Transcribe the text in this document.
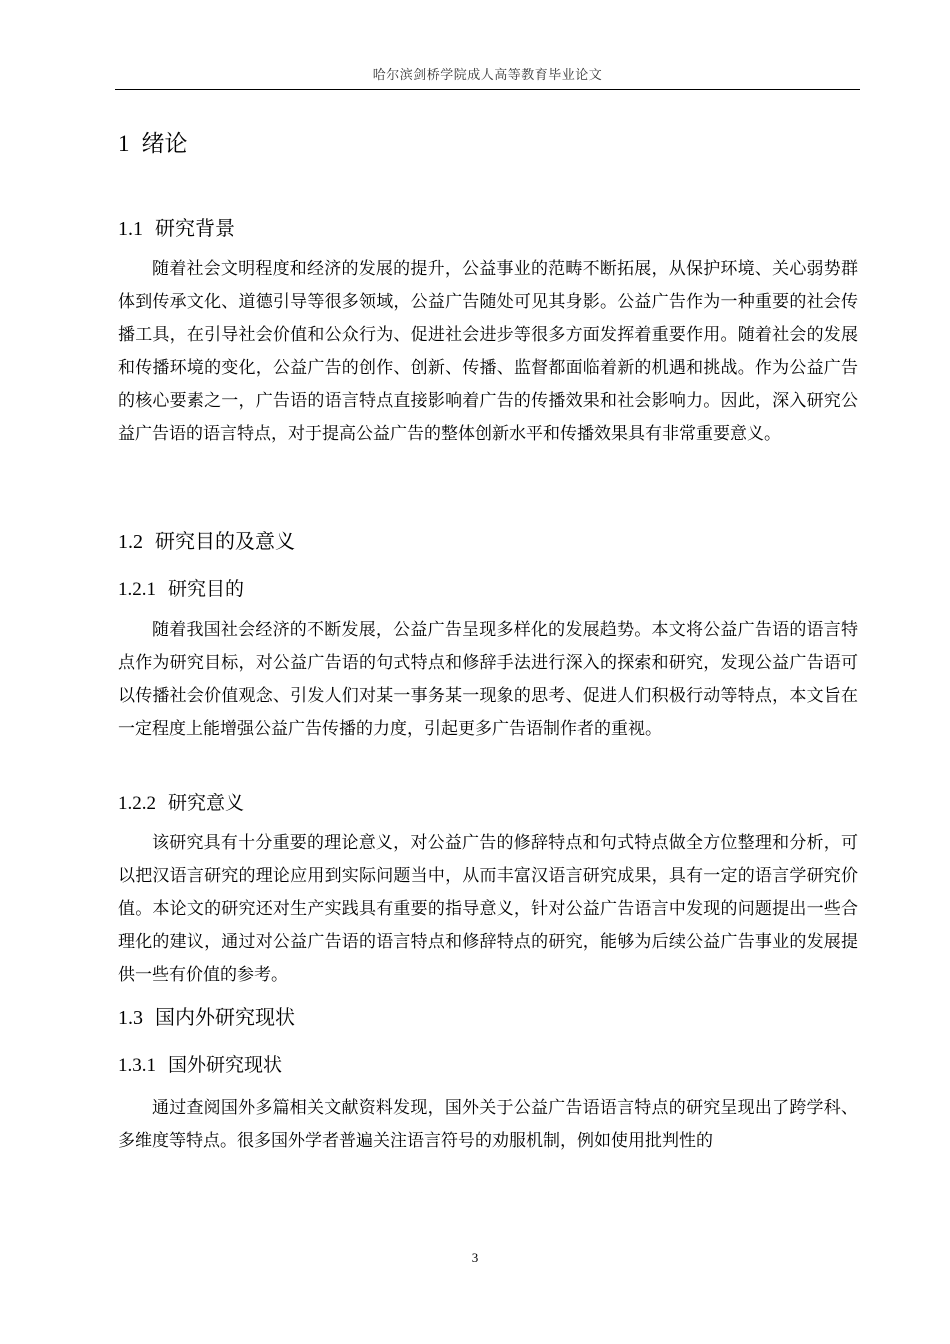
哈尔滨剑桥学院成人高等教育毕业论文
1 绪论
1.1 研究背景
随着社会文明程度和经济的发展的提升，公益事业的范畴不断拓展，从保护环境、关心弱势群体到传承文化、道德引导等很多领域，公益广告随处可见其身影。公益广告作为一种重要的社会传播工具，在引导社会价值和公众行为、促进社会进步等很多方面发挥着重要作用。随着社会的发展和传播环境的变化，公益广告的创作、创新、传播、监督都面临着新的机遇和挑战。作为公益广告的核心要素之一，广告语的语言特点直接影响着广告的传播效果和社会影响力。因此，深入研究公益广告语的语言特点，对于提高公益广告的整体创新水平和传播效果具有非常重要意义。
1.2 研究目的及意义
1.2.1 研究目的
随着我国社会经济的不断发展，公益广告呈现多样化的发展趋势。本文将公益广告语的语言特点作为研究目标，对公益广告语的句式特点和修辞手法进行深入的探索和研究，发现公益广告语可以传播社会价值观念、引发人们对某一事务某一现象的思考、促进人们积极行动等特点，本文旨在一定程度上能增强公益广告传播的力度，引起更多广告语制作者的重视。
1.2.2 研究意义
该研究具有十分重要的理论意义，对公益广告的修辞特点和句式特点做全方位整理和分析，可以把汉语言研究的理论应用到实际问题当中，从而丰富汉语言研究成果，具有一定的语言学研究价值。本论文的研究还对生产实践具有重要的指导意义，针对公益广告语言中发现的问题提出一些合理化的建议，通过对公益广告语的语言特点和修辞特点的研究，能够为后续公益广告事业的发展提供一些有价值的参考。
1.3 国内外研究现状
1.3.1 国外研究现状
通过查阅国外多篇相关文献资料发现，国外关于公益广告语语言特点的研究呈现出了跨学科、多维度等特点。很多国外学者普遍关注语言符号的劝服机制，例如使用批判性的
3
